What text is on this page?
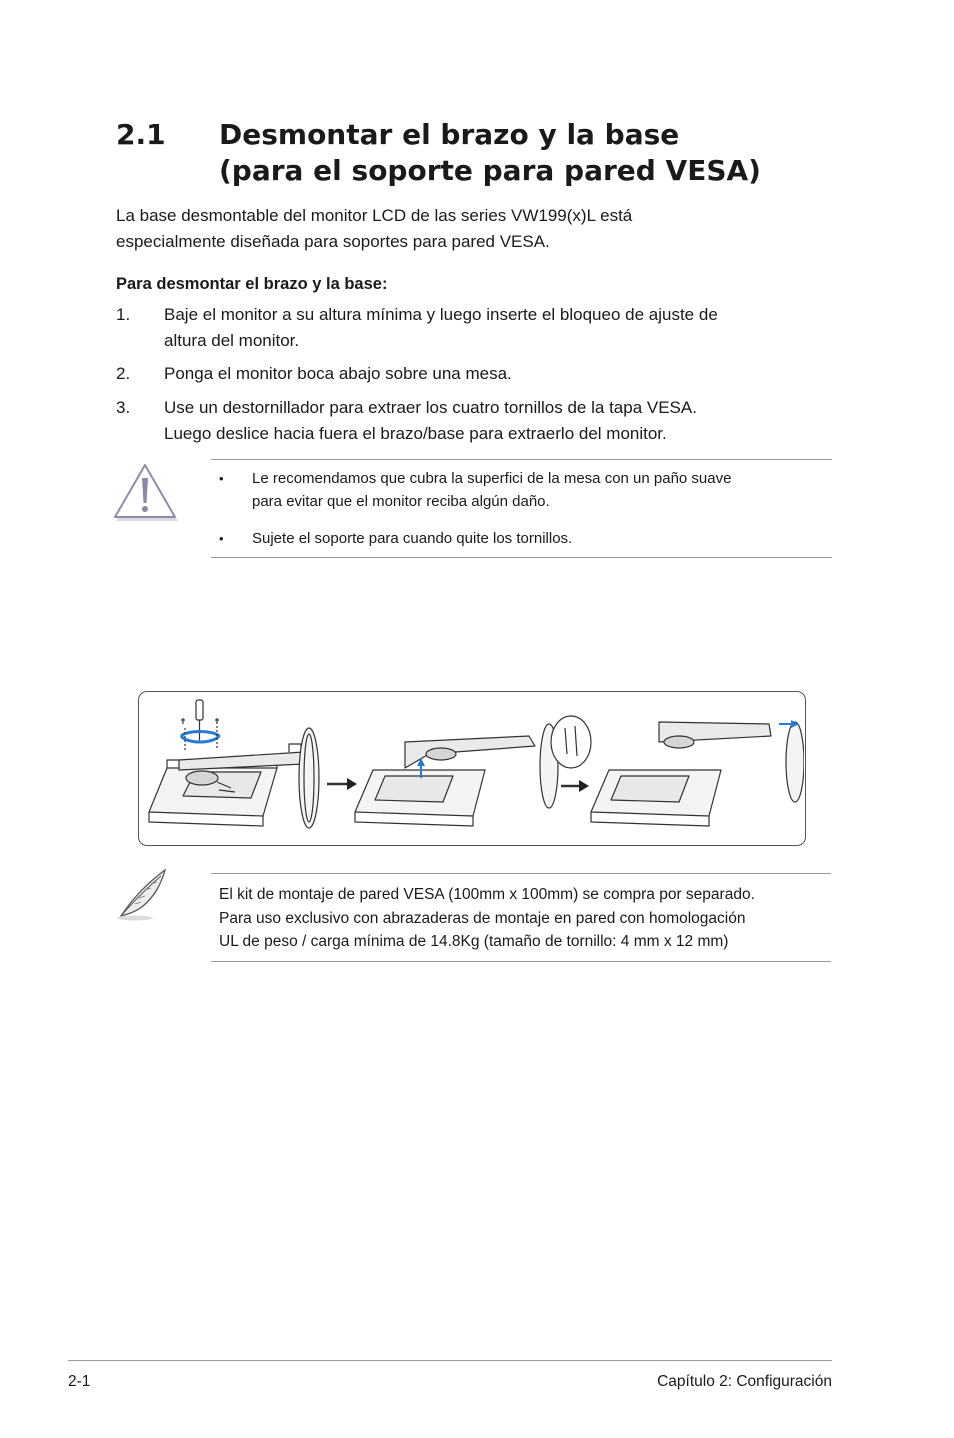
2.1 Desmontar el brazo y la base
(para el soporte para pared VESA)
La base desmontable del monitor LCD de las series VW199(x)L está
especialmente diseñada para soportes para pared VESA.
Para desmontar el brazo y la base:
1. Baje el monitor a su altura mínima y luego inserte el bloqueo de ajuste de
altura del monitor.
2. Ponga el monitor boca abajo sobre una mesa.
3. Use un destornillador para extraer los cuatro tornillos de la tapa VESA.
Luego deslice hacia fuera el brazo/base para extraerlo del monitor.
• Le recomendamos que cubra la superfici de la mesa con un paño suave
para evitar que el monitor reciba algún daño.
• Sujete el soporte para cuando quite los tornillos.
El kit de montaje de pared VESA (100mm x 100mm) se compra por separado.
Para uso exclusivo con abrazaderas de montaje en pared con homologación
UL de peso / carga mínima de 14.8Kg (tamaño de tornillo: 4 mm x 12 mm)
2-1	Capítulo 2: Configuración
